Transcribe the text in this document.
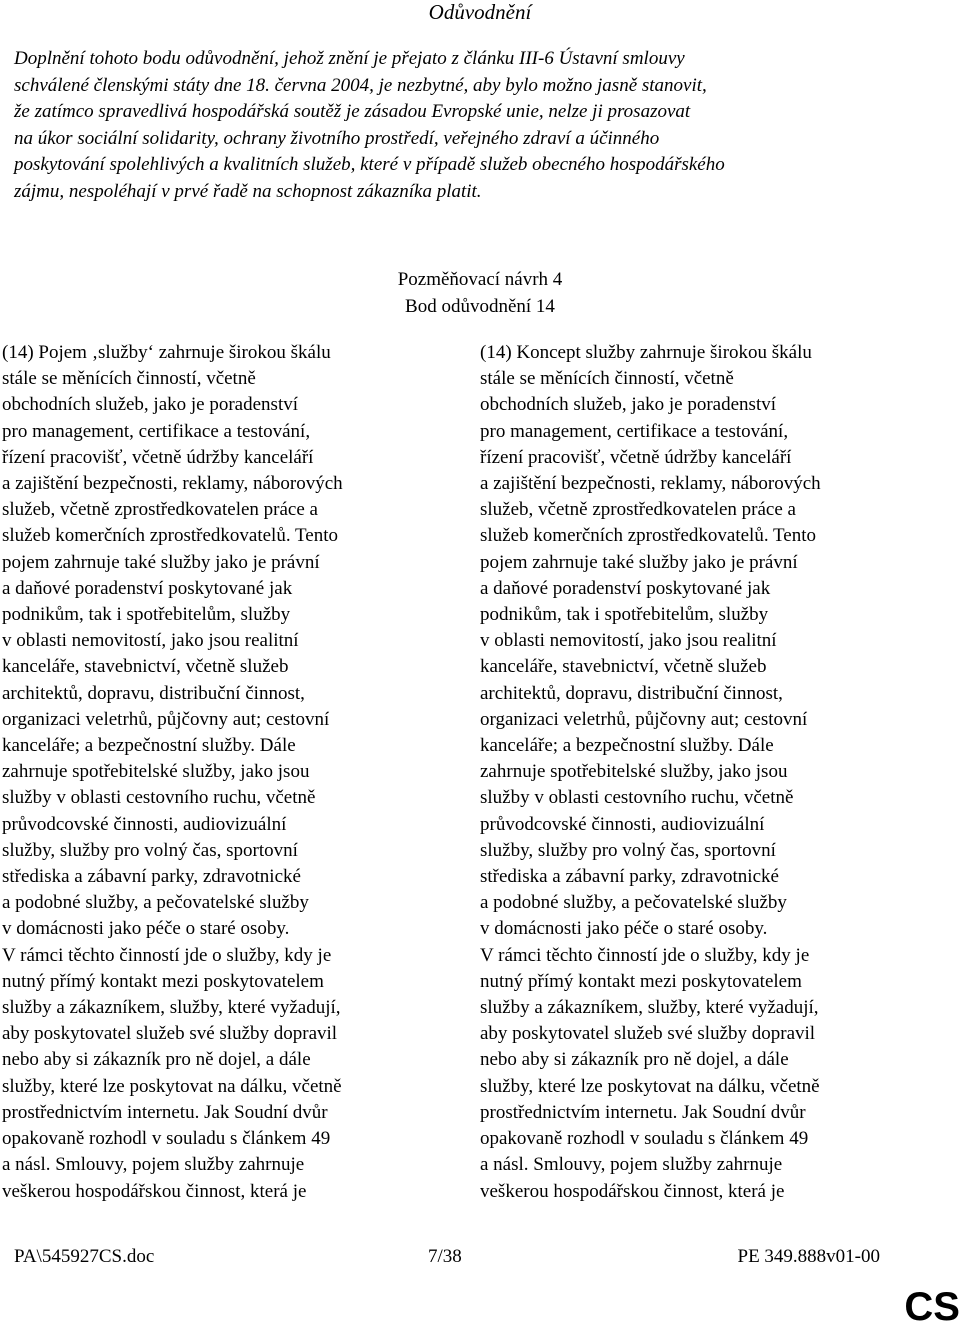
Odůvodnění
Doplnění tohoto bodu odůvodnění, jehož znění je přejato z článku III-6 Ústavní smlouvy
schválené členskými státy dne 18. června 2004, je nezbytné, aby bylo možno jasně stanovit,
že zatímco spravedlivá hospodářská soutěž je zásadou Evropské unie, nelze ji prosazovat
na úkor sociální solidarity, ochrany životního prostředí, veřejného zdraví a účinného
poskytování spolehlivých a kvalitních služeb, které v případě služeb obecného hospodářského
zájmu, nespoléhají v prvé řadě na schopnost zákazníka platit.
Pozměňovací návrh 4
Bod odůvodnění 14
(14) Pojem ‚služby‘ zahrnuje širokou škálu
stále se měnících činností, včetně
obchodních služeb, jako je poradenství
pro management, certifikace a testování,
řízení pracovišť, včetně údržby kanceláří
a zajištění bezpečnosti, reklamy, náborových
služeb, včetně zprostředkovatelen práce a
služeb komerčních zprostředkovatelů. Tento
pojem zahrnuje také služby jako je právní
a daňové poradenství poskytované jak
podnikům, tak i spotřebitelům, služby
v oblasti nemovitostí, jako jsou realitní
kanceláře, stavebnictví, včetně služeb
architektů, dopravu, distribuční činnost,
organizaci veletrhů, půjčovny aut; cestovní
kanceláře; a bezpečnostní služby. Dále
zahrnuje spotřebitelské služby, jako jsou
služby v oblasti cestovního ruchu, včetně
průvodcovské činnosti, audiovizuální
služby, služby pro volný čas, sportovní
střediska a zábavní parky, zdravotnické
a podobné služby, a pečovatelské služby
v domácnosti jako péče o staré osoby.
V rámci těchto činností jde o služby, kdy je
nutný přímý kontakt mezi poskytovatelem
služby a zákazníkem, služby, které vyžadují,
aby poskytovatel služeb své služby dopravil
nebo aby si zákazník pro ně dojel, a dále
služby, které lze poskytovat na dálku, včetně
prostřednictvím internetu. Jak Soudní dvůr
opakovaně rozhodl v souladu s článkem 49
a násl. Smlouvy, pojem služby zahrnuje
veškerou hospodářskou činnost, která je
(14) Koncept služby zahrnuje širokou škálu
stále se měnících činností, včetně
obchodních služeb, jako je poradenství
pro management, certifikace a testování,
řízení pracovišť, včetně údržby kanceláří
a zajištění bezpečnosti, reklamy, náborových
služeb, včetně zprostředkovatelen práce a
služeb komerčních zprostředkovatelů. Tento
pojem zahrnuje také služby jako je právní
a daňové poradenství poskytované jak
podnikům, tak i spotřebitelům, služby
v oblasti nemovitostí, jako jsou realitní
kanceláře, stavebnictví, včetně služeb
architektů, dopravu, distribuční činnost,
organizaci veletrhů, půjčovny aut; cestovní
kanceláře; a bezpečnostní služby. Dále
zahrnuje spotřebitelské služby, jako jsou
služby v oblasti cestovního ruchu, včetně
průvodcovské činnosti, audiovizuální
služby, služby pro volný čas, sportovní
střediska a zábavní parky, zdravotnické
a podobné služby, a pečovatelské služby
v domácnosti jako péče o staré osoby.
V rámci těchto činností jde o služby, kdy je
nutný přímý kontakt mezi poskytovatelem
služby a zákazníkem, služby, které vyžadují,
aby poskytovatel služeb své služby dopravil
nebo aby si zákazník pro ně dojel, a dále
služby, které lze poskytovat na dálku, včetně
prostřednictvím internetu. Jak Soudní dvůr
opakovaně rozhodl v souladu s článkem 49
a násl. Smlouvy, pojem služby zahrnuje
veškerou hospodářskou činnost, která je
PA\545927CS.doc	7/38	PE 349.888v01-00
CS
